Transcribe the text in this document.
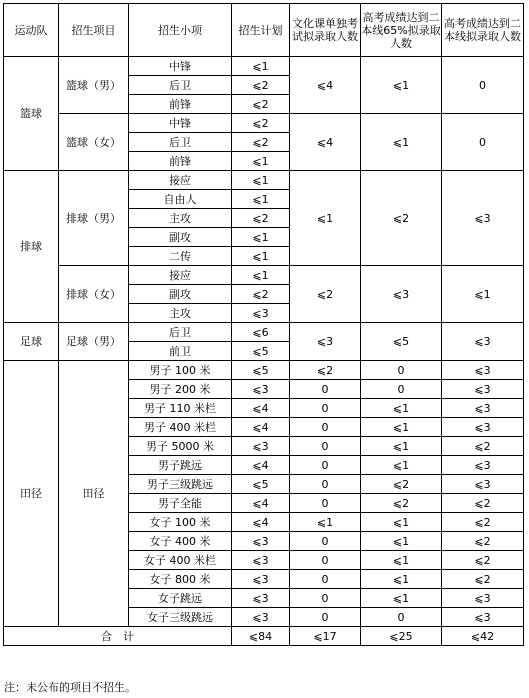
运动队	招生项目	招生小项	招生计划	文化课单独考试拟录取人数	高考成绩达到二本线65%拟录取人数	高考成绩达到二本线拟录取人数
篮球	篮球（男）	中锋	⩽1	⩽4	⩽1	0
		后卫	⩽2			
		前锋	⩽2			
	篮球（女）	中锋	⩽2	⩽4	⩽1	0
		后卫	⩽2			
		前锋	⩽1			
排球	排球（男）	接应	⩽1	⩽1	⩽2	⩽3
		自由人	⩽1			
		主攻	⩽2			
		副攻	⩽1			
		二传	⩽1			
	排球（女）	接应	⩽1	⩽2	⩽3	⩽1
		副攻	⩽2			
		主攻	⩽3			
足球	足球（男）	后卫	⩽6	⩽3	⩽5	⩽3
		前卫	⩽5			
田径	田径	男子 100 米	⩽5	⩽2	0	⩽3
		男子 200 米	⩽3	0	0	⩽3
		男子 110 米栏	⩽4	0	⩽1	⩽3
		男子 400 米栏	⩽4	0	⩽1	⩽3
		男子 5000 米	⩽3	0	⩽1	⩽2
		男子跳远	⩽4	0	⩽1	⩽3
		男子三级跳远	⩽5	0	⩽2	⩽3
		男子全能	⩽4	0	⩽2	⩽2
		女子 100 米	⩽4	⩽1	⩽1	⩽2
		女子 400 米	⩽3	0	⩽1	⩽2
		女子 400 米栏	⩽3	0	⩽1	⩽2
		女子 800 米	⩽3	0	⩽1	⩽2
		女子跳远	⩽3	0	⩽1	⩽3
		女子三级跳远	⩽3	0	0	⩽3
合　计			⩽84	⩽17	⩽25	⩽42
注：未公布的项目不招生。
